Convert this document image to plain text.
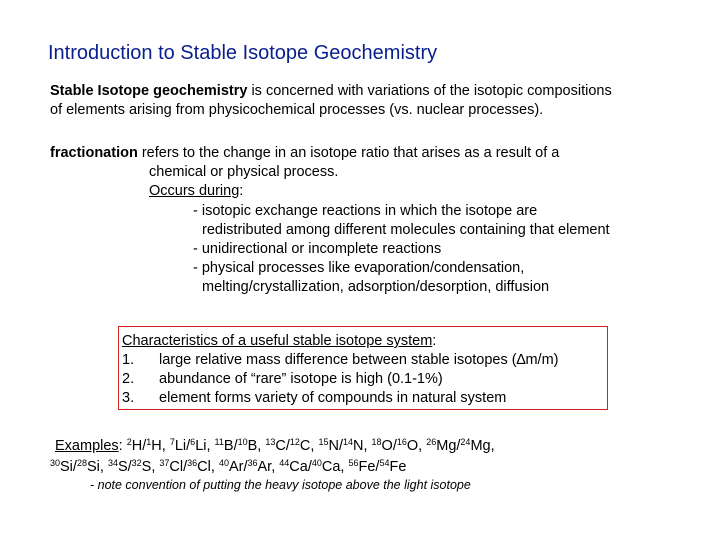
Introduction to Stable Isotope Geochemistry
Stable Isotope geochemistry is concerned with variations of the isotopic compositions
of elements arising from physicochemical processes (vs. nuclear processes).
fractionation refers to the change in an isotope ratio that arises as a result of a
chemical or physical process.
Occurs during:
- isotopic exchange reactions in which the isotope are
redistributed among different molecules containing that element
- unidirectional or incomplete reactions
- physical processes like evaporation/condensation,
melting/crystallization, adsorption/desorption, diffusion
Characteristics of a useful stable isotope system:
1.	large relative mass difference between stable isotopes (∆m/m)
2.	abundance of “rare” isotope is high (0.1-1%)
3.	element forms variety of compounds in natural system
Examples: $^2$H/$^1$H, $^7$Li/$^6$Li, $^{11}$B/$^{10}$B, $^{13}$C/$^{12}$C, $^{15}$N/$^{14}$N, $^{18}$O/$^{16}$O, $^{26}$Mg/$^{24}$Mg,
$^{30}$Si/$^{28}$Si, $^{34}$S/$^{32}$S, $^{37}$Cl/$^{36}$Cl, $^{40}$Ar/$^{36}$Ar, $^{44}$Ca/$^{40}$Ca, $^{56}$Fe/$^{54}$Fe
- note convention of putting the heavy isotope above the light isotope
